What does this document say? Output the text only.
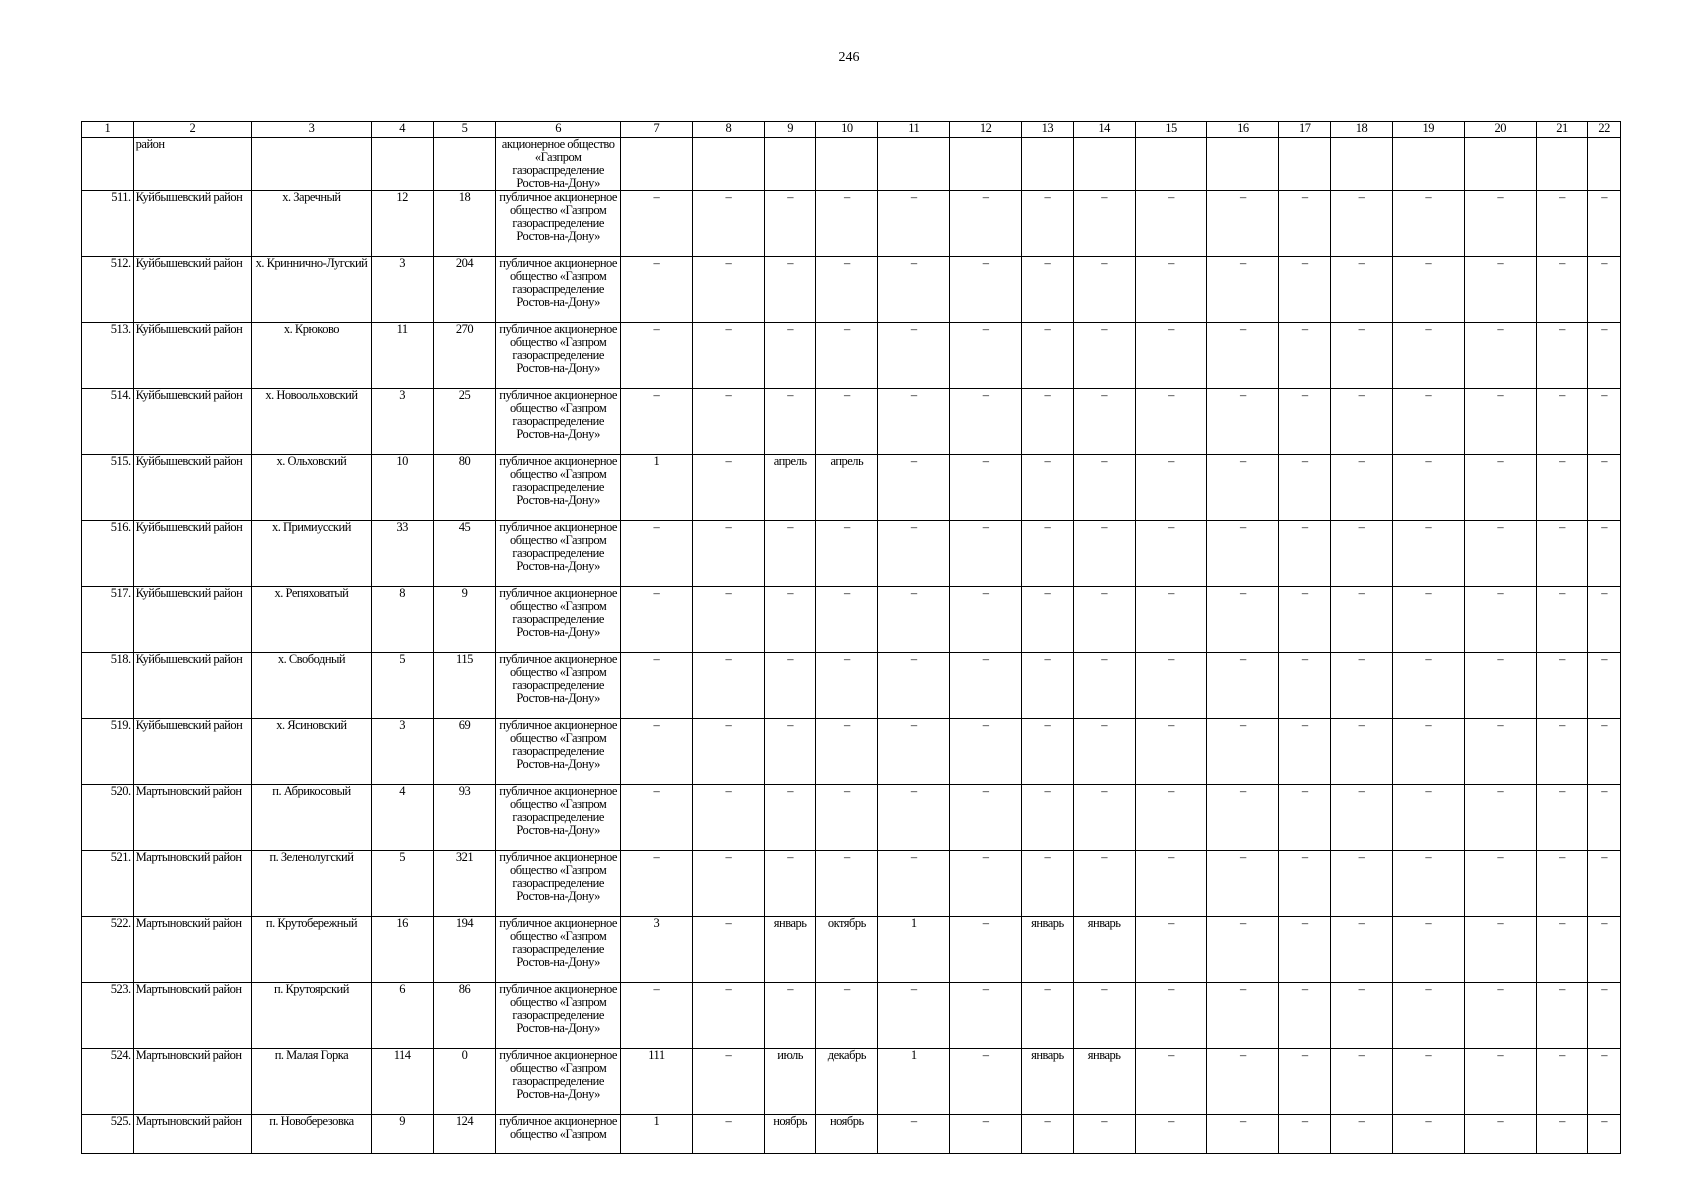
246
1	2	3	4	5	6	7	8	9	10	11	12	13	14	15	16	17	18	19	20	21	22
	район				акционерное общество «Газпром газораспределение Ростов-на-Дону»																
511.	Куйбышевский район	х. Заречный	12	18	публичное акционерное общество «Газпром газораспределение Ростов-на-Дону»	–	–	–	–	–	–	–	–	–	–	–	–	–	–	–	–
512.	Куйбышевский район	х. Криннично-Лугский	3	204	публичное акционерное общество «Газпром газораспределение Ростов-на-Дону»	–	–	–	–	–	–	–	–	–	–	–	–	–	–	–	–
513.	Куйбышевский район	х. Крюково	11	270	публичное акционерное общество «Газпром газораспределение Ростов-на-Дону»	–	–	–	–	–	–	–	–	–	–	–	–	–	–	–	–
514.	Куйбышевский район	х. Новоольховский	3	25	публичное акционерное общество «Газпром газораспределение Ростов-на-Дону»	–	–	–	–	–	–	–	–	–	–	–	–	–	–	–	–
515.	Куйбышевский район	х. Ольховский	10	80	публичное акционерное общество «Газпром газораспределение Ростов-на-Дону»	1	–	апрель	апрель	–	–	–	–	–	–	–	–	–	–	–	–
516.	Куйбышевский район	х. Примиусский	33	45	публичное акционерное общество «Газпром газораспределение Ростов-на-Дону»	–	–	–	–	–	–	–	–	–	–	–	–	–	–	–	–
517.	Куйбышевский район	х. Репяховатый	8	9	публичное акционерное общество «Газпром газораспределение Ростов-на-Дону»	–	–	–	–	–	–	–	–	–	–	–	–	–	–	–	–
518.	Куйбышевский район	х. Свободный	5	115	публичное акционерное общество «Газпром газораспределение Ростов-на-Дону»	–	–	–	–	–	–	–	–	–	–	–	–	–	–	–	–
519.	Куйбышевский район	х. Ясиновский	3	69	публичное акционерное общество «Газпром газораспределение Ростов-на-Дону»	–	–	–	–	–	–	–	–	–	–	–	–	–	–	–	–
520.	Мартыновский район	п. Абрикосовый	4	93	публичное акционерное общество «Газпром газораспределение Ростов-на-Дону»	–	–	–	–	–	–	–	–	–	–	–	–	–	–	–	–
521.	Мартыновский район	п. Зеленолугский	5	321	публичное акционерное общество «Газпром газораспределение Ростов-на-Дону»	–	–	–	–	–	–	–	–	–	–	–	–	–	–	–	–
522.	Мартыновский район	п. Крутобережный	16	194	публичное акционерное общество «Газпром газораспределение Ростов-на-Дону»	3	–	январь	октябрь	1	–	январь	январь	–	–	–	–	–	–	–	–
523.	Мартыновский район	п. Крутоярский	6	86	публичное акционерное общество «Газпром газораспределение Ростов-на-Дону»	–	–	–	–	–	–	–	–	–	–	–	–	–	–	–	–
524.	Мартыновский район	п. Малая Горка	114	0	публичное акционерное общество «Газпром газораспределение Ростов-на-Дону»	111	–	июль	декабрь	1	–	январь	январь	–	–	–	–	–	–	–	–
525.	Мартыновский район	п. Новоберезовка	9	124	публичное акционерное общество «Газпром	1	–	ноябрь	ноябрь	–	–	–	–	–	–	–	–	–	–	–	–
